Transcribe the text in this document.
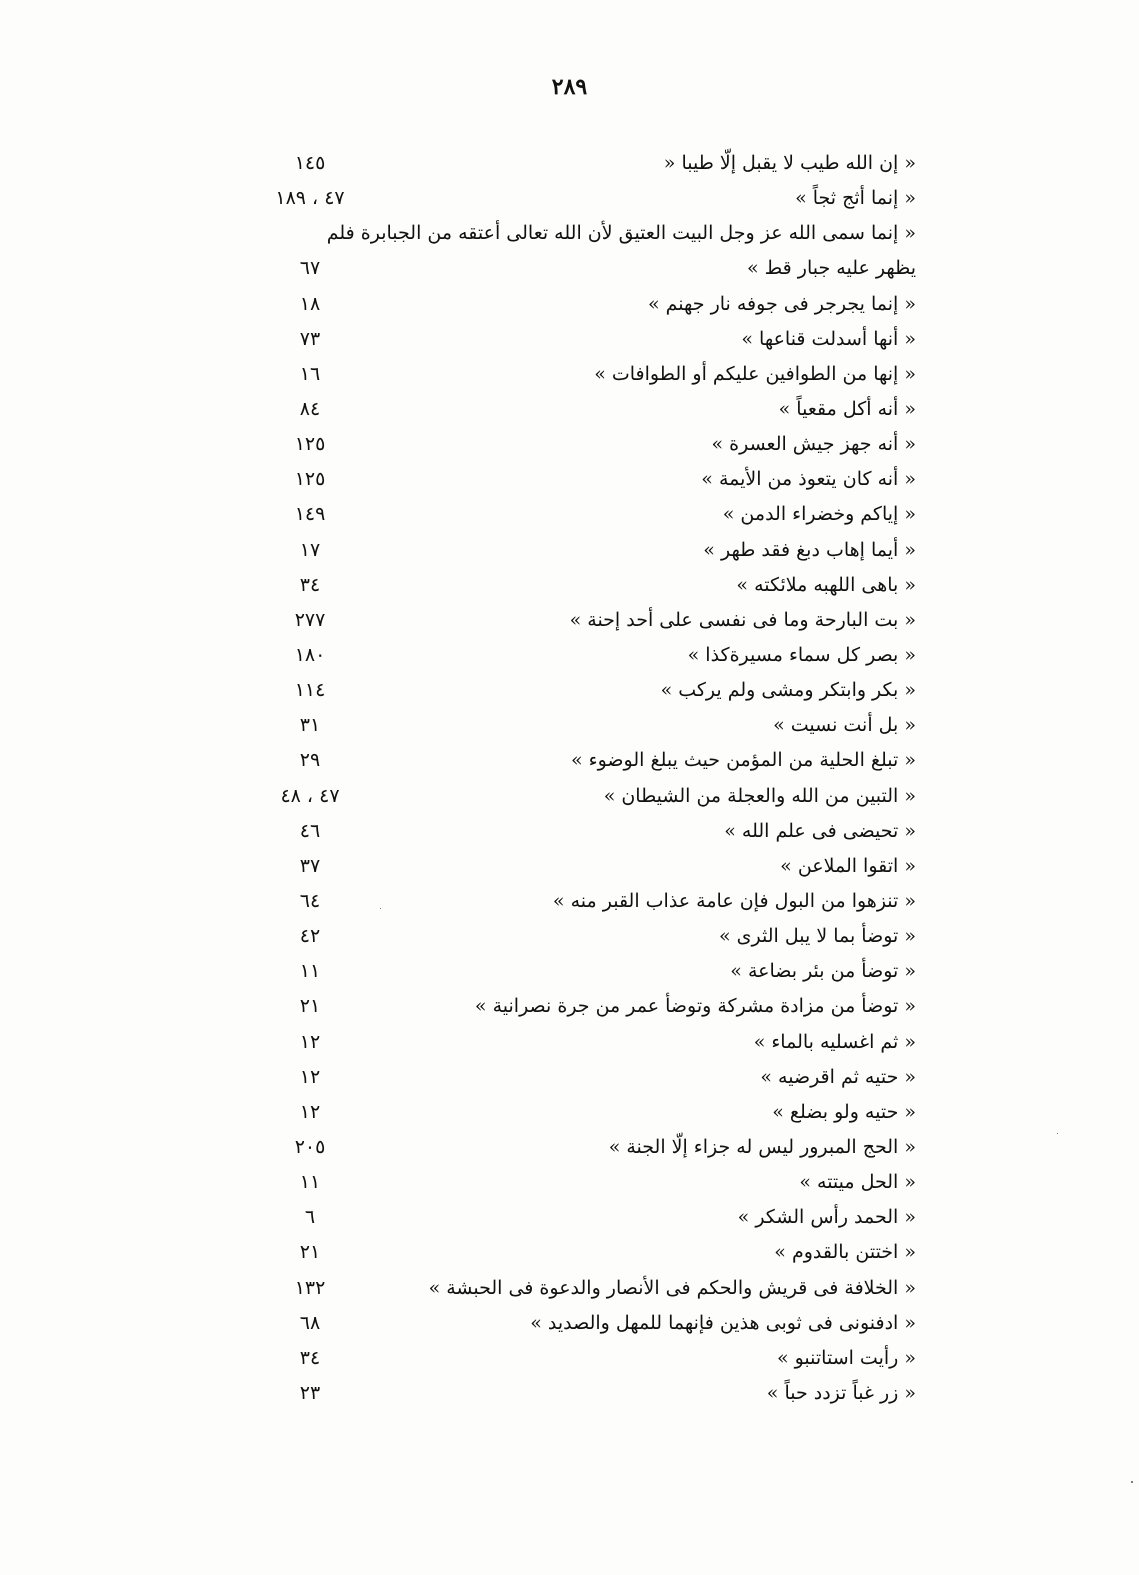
٢٨٩
« إن الله طيب لا يقبل إلّا طيبا «
١٤٥
« إنما أثج ثجاً »
٤٧ ، ١٨٩
« إنما سمى الله عز وجل البيت العتيق لأن الله تعالى أعتقه من الجبابرة فلم يظهر عليه جبار قط »
٦٧
« إنما يجرجر فى جوفه نار جهنم »
١٨
« أنها أسدلت قناعها »
٧٣
« إنها من الطوافين عليكم أو الطوافات »
١٦
« أنه أكل مقعياً »
٨٤
« أنه جهز جيش العسرة »
١٢٥
« أنه كان يتعوذ من الأيمة »
١٢٥
« إياكم وخضراء الدمن »
١٤٩
« أيما إهاب دبغ فقد طهر »
١٧
« باهى اللهبه ملائكته »
٣٤
« بت البارحة وما فى نفسى على أحد إحنة »
٢٧٧
« بصر كل سماء مسيرةكذا »
١٨٠
« بكر وابتكر ومشى ولم يركب »
١١٤
« بل أنت نسيت »
٣١
« تبلغ الحلية من المؤمن حيث يبلغ الوضوء »
٢٩
« التبين من الله والعجلة من الشيطان »
٤٧ ، ٤٨
« تحيضى فى علم الله »
٤٦
« اتقوا الملاعن »
٣٧
« تنزهوا من البول فإن عامة عذاب القبر منه »
٦٤
« توضأ بما لا يبل الثرى »
٤٢
« توضأ من بئر بضاعة »
١١
« توضأ من مزادة مشركة وتوضأ عمر من جرة نصرانية »
٢١
« ثم اغسليه بالماء »
١٢
« حتيه ثم اقرضيه »
١٢
« حتيه ولو بضلع »
١٢
« الحج المبرور ليس له جزاء إلّا الجنة »
٢٠٥
« الحل ميتته »
١١
« الحمد رأس الشكر »
٦
« اختتن بالقدوم »
٢١
« الخلافة فى قريش والحكم فى الأنصار والدعوة فى الحبشة »
١٣٢
« ادفنونى فى ثوبى هذين فإنهما للمهل والصديد »
٦٨
« رأيت استاتنبو »
٣٤
« زر غباً تزدد حباً »
٢٣
